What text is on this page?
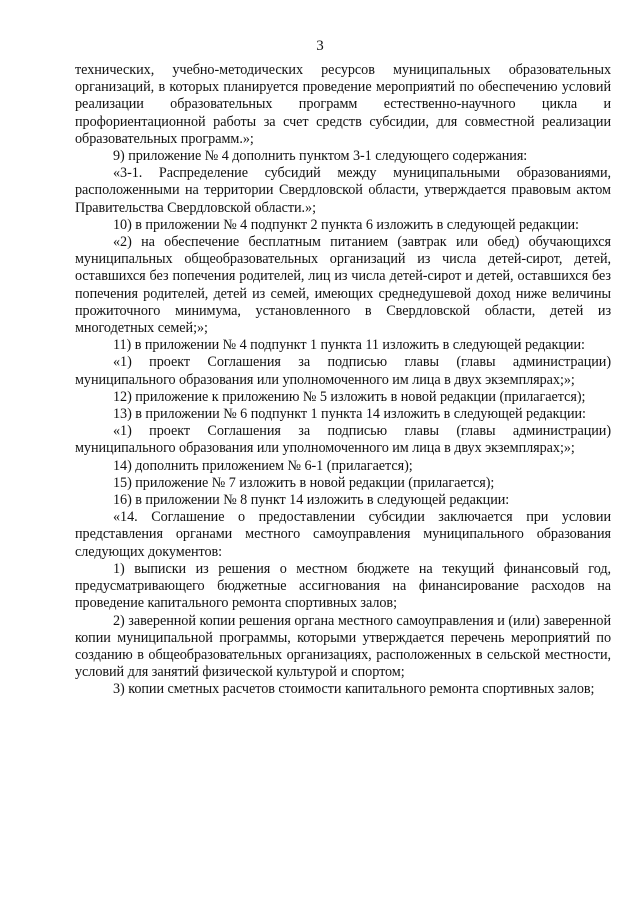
3

технических, учебно-методических ресурсов муниципальных образовательных организаций, в которых планируется проведение мероприятий по обеспечению условий реализации образовательных программ естественно-научного цикла и профориентационной работы за счет средств субсидии, для совместной реализации образовательных программ.»;

9) приложение № 4 дополнить пунктом 3-1 следующего содержания:

«3-1. Распределение субсидий между муниципальными образованиями, расположенными на территории Свердловской области, утверждается правовым актом Правительства Свердловской области.»;

10) в приложении № 4 подпункт 2 пункта 6 изложить в следующей редакции:

«2) на обеспечение бесплатным питанием (завтрак или обед) обучающихся муниципальных общеобразовательных организаций из числа детей-сирот, детей, оставшихся без попечения родителей, лиц из числа детей-сирот и детей, оставшихся без попечения родителей, детей из семей, имеющих среднедушевой доход ниже величины прожиточного минимума, установленного в Свердловской области, детей из многодетных семей;»;

11) в приложении № 4 подпункт 1 пункта 11 изложить в следующей редакции:

«1) проект Соглашения за подписью главы (главы администрации) муниципального образования или уполномоченного им лица в двух экземплярах;»;

12) приложение к приложению № 5 изложить в новой редакции (прилагается);

13) в приложении № 6 подпункт 1 пункта 14 изложить в следующей редакции:

«1) проект Соглашения за подписью главы (главы администрации) муниципального образования или уполномоченного им лица в двух экземплярах;»;

14) дополнить приложением № 6-1 (прилагается);

15) приложение № 7 изложить в новой редакции (прилагается);

16) в приложении № 8 пункт 14 изложить в следующей редакции:

«14. Соглашение о предоставлении субсидии заключается при условии представления органами местного самоуправления муниципального образования следующих документов:

1) выписки из решения о местном бюджете на текущий финансовый год, предусматривающего бюджетные ассигнования на финансирование расходов на проведение капитального ремонта спортивных залов;

2) заверенной копии решения органа местного самоуправления и (или) заверенной копии муниципальной программы, которыми утверждается перечень мероприятий по созданию в общеобразовательных организациях, расположенных в сельской местности, условий для занятий физической культурой и спортом;

3) копии сметных расчетов стоимости капитального ремонта спортивных залов;
